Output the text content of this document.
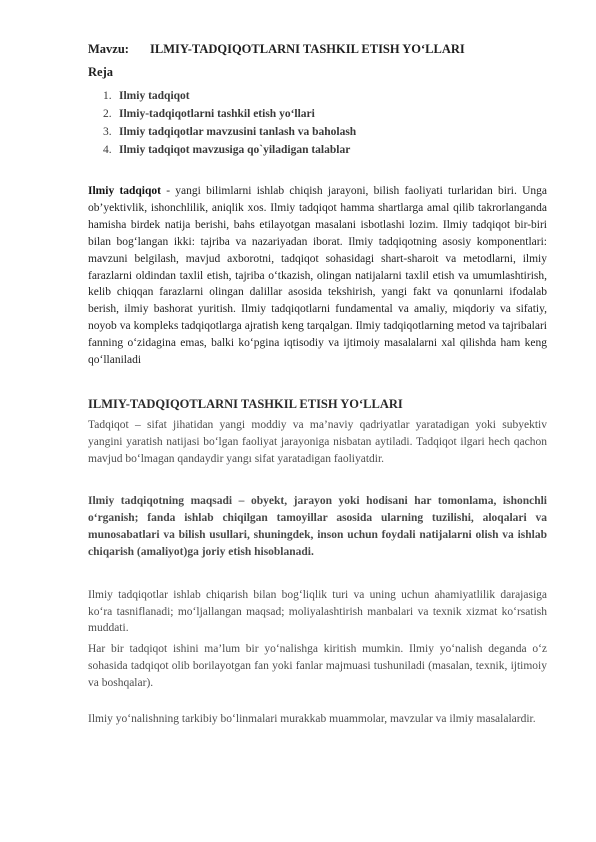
Mavzu: ILMIY-TADQIQOTLARNI TASHKIL ETISH YO‘LLARI
Reja
1. Ilmiy tadqiqot
2. Ilmiy-tadqiqotlarni tashkil etish yo‘llari
3. Ilmiy tadqiqotlar mavzusini tanlash va baholash
4. Ilmiy tadqiqot mavzusiga qo`yiladigan talablar

Ilmiy tadqiqot - yangi bilimlarni ishlab chiqish jarayoni, bilish faoliyati turlaridan biri. Unga ob’yektivlik, ishonchlilik, aniqlik xos. Ilmiy tadqiqot hamma shartlarga amal qilib takrorlanganda hamisha birdek natija berishi, bahs etilayotgan masalani isbotlashi lozim. Ilmiy tadqiqot bir-biri bilan bog‘langan ikki: tajriba va nazariyadan iborat. Ilmiy tadqiqotning asosiy komponentlari: mavzuni belgilash, mavjud axborotni, tadqiqot sohasidagi shart-sharoit va metodlarni, ilmiy farazlarni oldindan taxlil etish, tajriba o‘tkazish, olingan natijalarni taxlil etish va umumlashtirish, kelib chiqqan farazlarni olingan dalillar asosida tekshirish, yangi fakt va qonunlarni ifodalab berish, ilmiy bashorat yuritish. Ilmiy tadqiqotlarni fundamental va amaliy, miqdoriy va sifatiy, noyob va kompleks tadqiqotlarga ajratish keng tarqalgan. Ilmiy tadqiqotlarning metod va tajribalari fanning o‘zidagina emas, balki ko‘pgina iqtisodiy va ijtimoiy masalalarni xal qilishda ham keng qo‘llaniladi

ILMIY-TADQIQOTLARNI TASHKIL ETISH YO‘LLARI

Tadqiqot – sifat jihatidan yangi moddiy va ma’naviy qadriyatlar yaratadigan yoki subyektiv yangini yaratish natijasi bo‘lgan faoliyat jarayoniga nisbatan aytiladi. Tadqiqot ilgari hech qachon mavjud bo‘lmagan qandaydir yangı sifat yaratadigan faoliyatdir.

Ilmiy tadqiqotning maqsadi – obyekt, jarayon yoki hodisani har tomonlama, ishonchli o‘rganish; fanda ishlab chiqilgan tamoyillar asosida ularning tuzilishi, aloqalari va munosabatlari va bilish usullari, shuningdek, inson uchun foydali natijalarni olish va ishlab chiqarish (amaliyot)ga joriy etish hisoblanadi.

Ilmiy tadqiqotlar ishlab chiqarish bilan bog‘liqlik turi va uning uchun ahamiyatlilik darajasiga ko‘ra tasniflanadi; mo‘ljallangan maqsad; moliyalashtirish manbalari va texnik xizmat ko‘rsatish muddati.

Har bir tadqiqot ishini ma’lum bir yo‘nalishga kiritish mumkin. Ilmiy yo‘nalish deganda o‘z sohasida tadqiqot olib borilayotgan fan yoki fanlar majmuasi tushuniladi (masalan, texnik, ijtimoiy va boshqalar).

Ilmiy yo‘nalishning tarkibiy bo‘linmalari murakkab muammolar, mavzular va ilmiy masalalardir.
